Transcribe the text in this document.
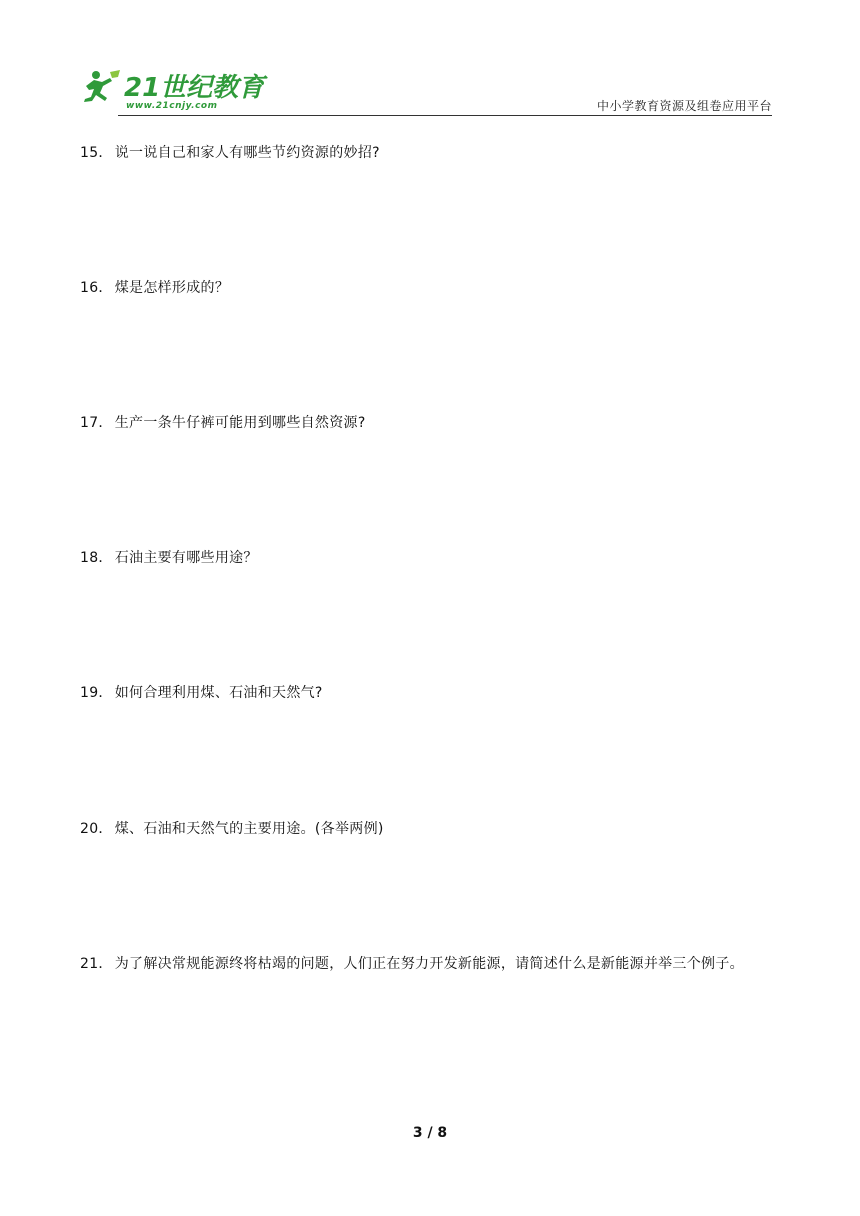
21世纪教育
www.21cnjy.com	中小学教育资源及组卷应用平台
15． 说一说自己和家人有哪些节约资源的妙招?
16． 煤是怎样形成的？
17． 生产一条牛仔裤可能用到哪些自然资源?
18． 石油主要有哪些用途？
19． 如何合理利用煤、石油和天然气?
20． 煤、石油和天然气的主要用途。(各举两例)
21． 为了解决常规能源终将枯竭的问题，人们正在努力开发新能源，请简述什么是新能源并举三个例子。
3 / 8
